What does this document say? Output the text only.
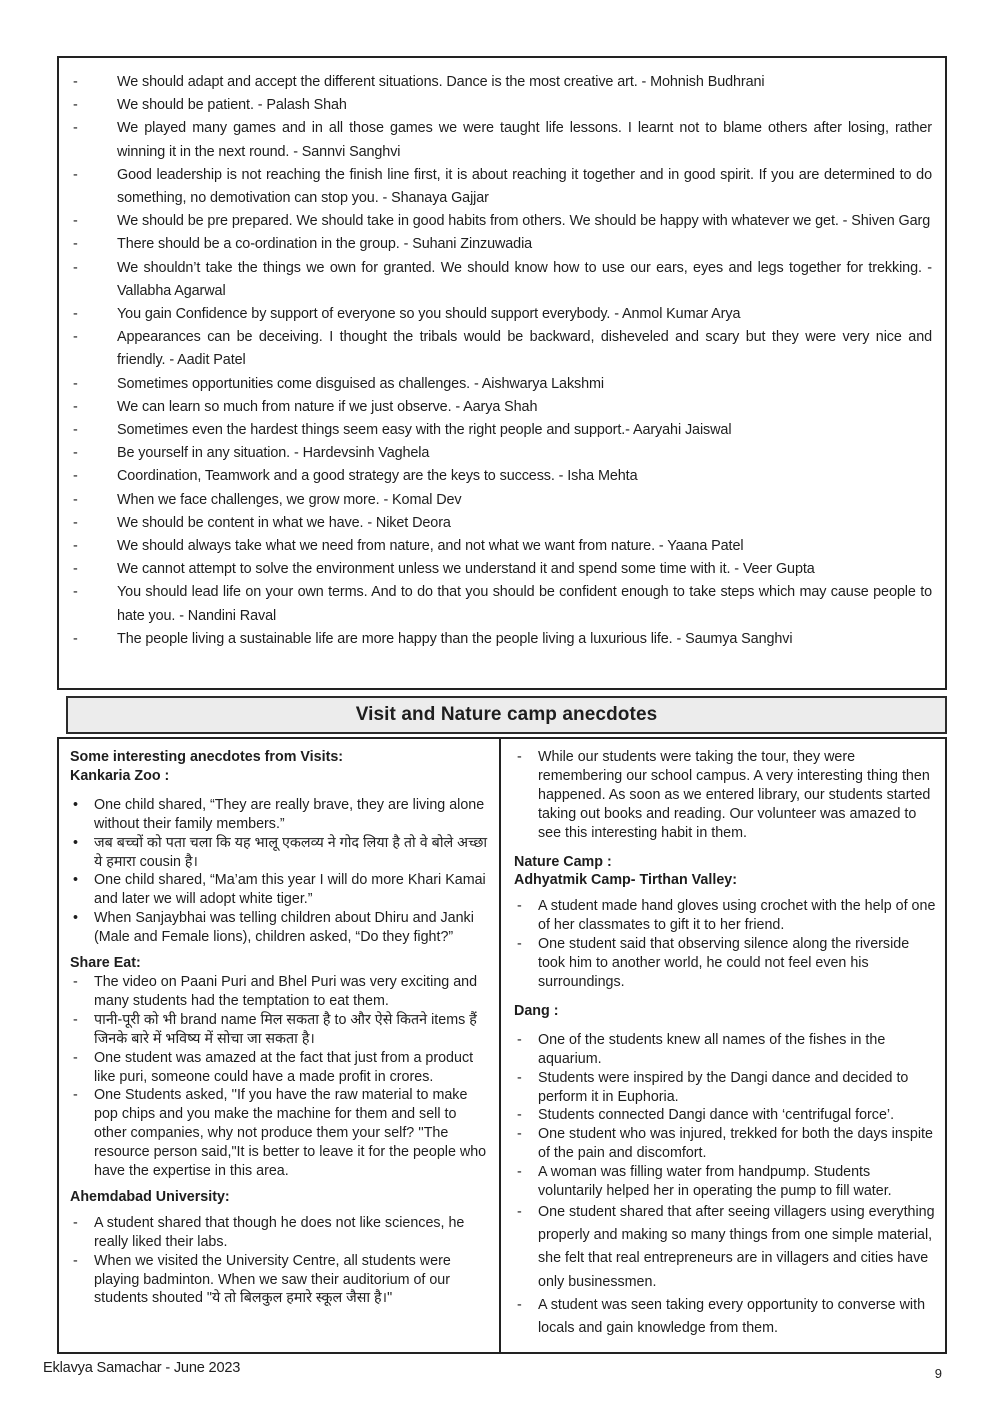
-	We should adapt and accept the different situations. Dance is the most creative art. - Mohnish Budhrani
-	We should be patient. - Palash Shah
-	We played many games and in all those games we were taught life lessons. I learnt not to blame others after losing, rather winning it in the next round. - Sannvi Sanghvi
-	Good leadership is not reaching the finish line first, it is about reaching it together and in good spirit. If you are determined to do something, no demotivation can stop you. - Shanaya Gajjar
-	We should be pre prepared. We should take in good habits from others. We should be happy with whatever we get. - Shiven Garg
-	There should be a co-ordination in the group. - Suhani Zinzuwadia
-	We shouldn’t take the things we own for granted. We should know how to use our ears, eyes and legs together for trekking. - Vallabha Agarwal
-	You gain Confidence by support of everyone so you should support everybody. - Anmol Kumar Arya
-	Appearances can be deceiving. I thought the tribals would be backward, disheveled and scary but they were very nice and friendly. - Aadit Patel
-	Sometimes opportunities come disguised as challenges. - Aishwarya Lakshmi
-	We can learn so much from nature if we just observe. - Aarya Shah
-	Sometimes even the hardest things seem easy with the right people and support.- Aaryahi Jaiswal
-	Be yourself in any situation. - Hardevsinh Vaghela
-	Coordination, Teamwork and a good strategy are the keys to success. - Isha Mehta
-	When we face challenges, we grow more. - Komal Dev
-	We should be content in what we have. - Niket Deora
-	We should always take what we need from nature, and not what we want from nature. - Yaana Patel
-	We cannot attempt to solve the environment unless we understand it and spend some time with it. - Veer Gupta
-	You should lead life on your own terms. And to do that you should be confident enough to take steps which may cause people to hate you. - Nandini Raval
-	The people living a sustainable life are more happy than the people living a luxurious life. - Saumya Sanghvi
Visit and Nature camp anecdotes
Some interesting anecdotes from Visits:
Kankaria Zoo :
•	One child shared, “They are really brave, they are living alone without their family members.”
•	जब बच्चों को पता चला कि यह भालू एकलव्य ने गोद लिया है तो वे बोले अच्छा ये हमारा cousin है।
•	One child shared, “Ma’am this year I will do more Khari Kamai and later we will adopt white tiger.”
•	When Sanjaybhai was telling children about Dhiru and Janki (Male and Female lions), children asked, “Do they fight?”
Share Eat:
-	The video on Paani Puri and Bhel Puri was very exciting and many students had the temptation to eat them.
-	पानी-पूरी को भी brand name मिल सकता है to और ऐसे कितने items हैं जिनके बारे में भविष्य में सोचा जा सकता है।
-	One student was amazed at the fact that just from a product like puri, someone could have a made profit in crores.
-	One Students asked, ''If you have the raw material to make pop chips and you make the machine for them and sell to other companies, why not produce them your self? ''The resource person said,"It is better to leave it for the people who have the expertise in this area.
Ahemdabad University:
-	A student shared that though he does not like sciences, he really liked their labs.
-	When we visited the University Centre, all students were playing badminton. When we saw their auditorium of our students shouted "ये तो बिलकुल हमारे स्कूल जैसा है।"
-	While our students were taking the tour, they were remembering our school campus. A very interesting thing then happened. As soon as we entered library, our students started taking out books and reading. Our volunteer was amazed to see this interesting habit in them.
Nature Camp :
Adhyatmik Camp- Tirthan Valley:
-	A student made hand gloves using crochet with the help of one of her classmates to gift it to her friend.
-	One student said that observing silence along the riverside took him to another world, he could not feel even his surroundings.
Dang :
-	One of the students knew all names of the fishes in the aquarium.
-	Students were inspired by the Dangi dance and decided to perform it in Euphoria.
-	Students connected Dangi dance with ‘centrifugal force’.
-	One student who was injured, trekked for both the days inspite of the pain and discomfort.
-	A woman was filling water from handpump. Students voluntarily helped her in operating the pump to fill water.
-	One student shared that after seeing villagers using everything properly and making so many things from one simple material, she felt that real entrepreneurs are in villagers and cities have only businessmen.
-	A student was seen taking every opportunity to converse with locals and gain knowledge from them.
Eklavya Samachar - June 2023	9
